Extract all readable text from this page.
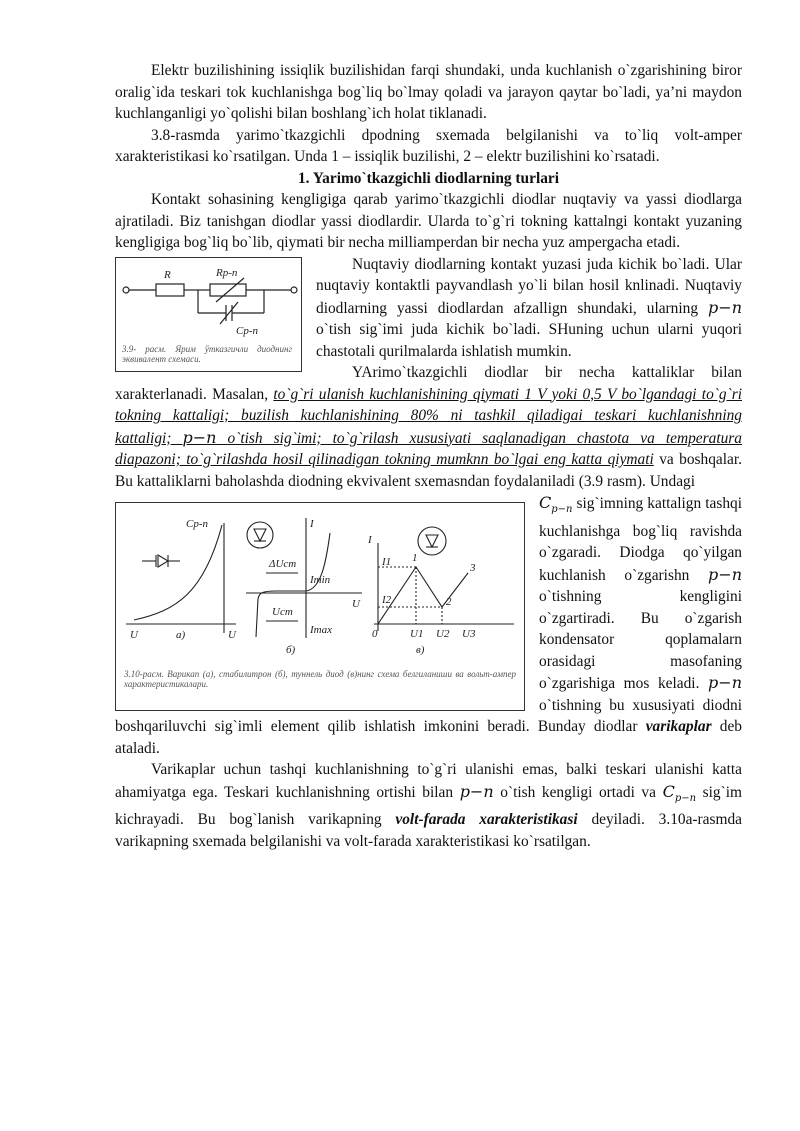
Elektr buzilishining issiqlik buzilishidan farqi shundaki, unda kuchlanish o`zgarishining biror oralig`ida teskari tok kuchlanishga bog`liq bo`lmay qoladi va jarayon qaytar bo`ladi, ya’ni maydon kuchlanganligi yo`qolishi bilan boshlang`ich holat tiklanadi.

3.8-rasmda yarimo`tkazgichli dpodning sxemada belgilanishi va to`liq volt-amper xarakteristikasi ko`rsatilgan. Unda 1 – issiqlik buzilishi, 2 – elektr buzilishini ko`rsatadi.

1. Yarimo`tkazgichli diodlarning turlari

Kontakt sohasining kengligiga qarab yarimo`tkazgichli diodlar nuqtaviy va yassi diodlarga ajratiladi. Biz tanishgan diodlar yassi diodlardir. Ularda to`g`ri tokning kattalngi kontakt yuzaning kengligiga bog`liq bo`lib, qiymati bir necha milliamperdan bir necha yuz ampergacha etadi.

R	Rp-n
Cp-n
3.9- pacм. Ярим ўтказгичли диоднинг эквивалент схемаси.

Nuqtaviy diodlarning kontakt yuzasi juda kichik bo`ladi. Ular nuqtaviy kontaktli payvandlash yo`li bilan hosil knlinadi. Nuqtaviy diodlarning yassi diodlardan afzallign shundaki, ularning p−n o`tish sig`imi juda kichik bo`ladi. SHuning uchun ularni yuqori chastotali qurilmalarda ishlatish mumkin.

YArimo`tkazgichli diodlar bir necha kattaliklar bilan xarakterlanadi. Masalan, to`g`ri ulanish kuchlanishining qiymati 1 V yoki 0,5 V bo`lgandagi to`g`ri tokning kattaligi; buzilish kuchlanishining 80% ni tashkil qiladigai teskari kuchlanishning kattaligi; p−n o`tish sig`imi; to`g`rilash xususiyati saqlanadigan chastota va temperatura diapazoni; to`g`rilashda hosil qilinadigan tokning mumknn bo`lgai eng katta qiymati va boshqalar. Bu kattaliklarni baholashda diodning ekvivalent sxemasndan foydalaniladi (3.9 rasm). Undagi

Cp-n
U	U
a)
I
U
ΔUcm
Ucm
Imin
Imax
б)
I
I1
I2
1
2
3
0	U1 U2 U3
в)
3.10-расм. Варикап (а), стабилитрон (б), туннель диод (в)нинг схема белгиланиши ва вольт-ампер характеристикалари.

$C_{p-n}$ sig`imning kattalign tashqi kuchlanishga bog`liq ravishda o`zgaradi. Diodga qo`yilgan kuchlanish o`zgarishn p−n o`tishning kengligini o`zgartiradi. Bu o`zgarish kondensator qoplamalarn orasidagi masofaning o`zgarishiga mos keladi. p−n o`tishning bu xususiyati diodni boshqariluvchi sig`imli element qilib ishlatish imkonini beradi. Bunday diodlar varikaplar deb ataladi.

Varikaplar uchun tashqi kuchlanishning to`g`ri ulanishi emas, balki teskari ulanishi katta ahamiyatga ega. Teskari kuchlanishning ortishi bilan p−n o`tish kengligi ortadi va $C_{p-n}$ sig`im kichrayadi. Bu bog`lanish varikapning volt-farada xarakteristikasi deyiladi. 3.10a-rasmda varikapning sxemada belgilanishi va volt-farada xarakteristikasi ko`rsatilgan.
